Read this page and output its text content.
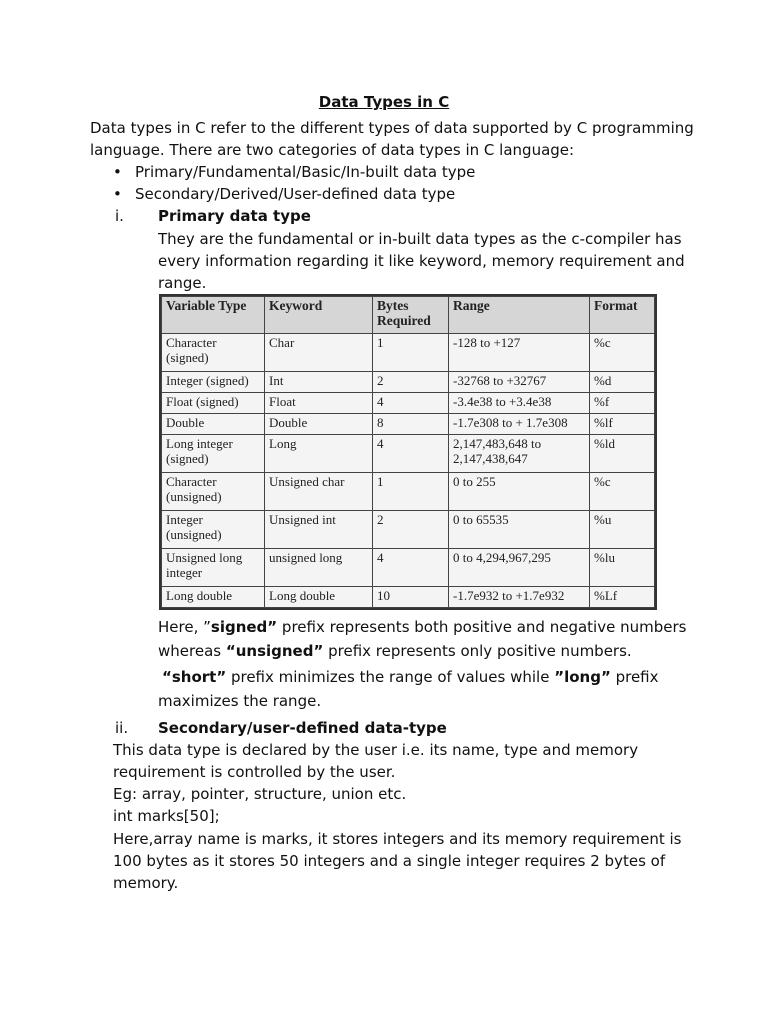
Data Types in C
Data types in C refer to the different types of data supported by C programming
language. There are two categories of data types in C language:
• Primary/Fundamental/Basic/In-built data type
• Secondary/Derived/User-defined data type
i. Primary data type
They are the fundamental or in-built data types as the c-compiler has
every information regarding it like keyword, memory requirement and
range.
Variable Type	Keyword	Bytes Required	Range	Format
Character (signed)	Char	1	-128 to +127	%c
Integer (signed)	Int	2	-32768 to +32767	%d
Float (signed)	Float	4	-3.4e38 to +3.4e38	%f
Double	Double	8	-1.7e308 to + 1.7e308	%lf
Long integer (signed)	Long	4	2,147,483,648 to 2,147,438,647	%ld
Character (unsigned)	Unsigned char	1	0 to 255	%c
Integer (unsigned)	Unsigned int	2	0 to 65535	%u
Unsigned long integer	unsigned long	4	0 to 4,294,967,295	%lu
Long double	Long double	10	-1.7e932 to +1.7e932	%Lf
Here, ”signed” prefix represents both positive and negative numbers
whereas “unsigned” prefix represents only positive numbers.
“short” prefix minimizes the range of values while ”long” prefix
maximizes the range.
ii. Secondary/user-defined data-type
This data type is declared by the user i.e. its name, type and memory
requirement is controlled by the user.
Eg: array, pointer, structure, union etc.
int marks[50];
Here,array name is marks, it stores integers and its memory requirement is
100 bytes as it stores 50 integers and a single integer requires 2 bytes of
memory.
